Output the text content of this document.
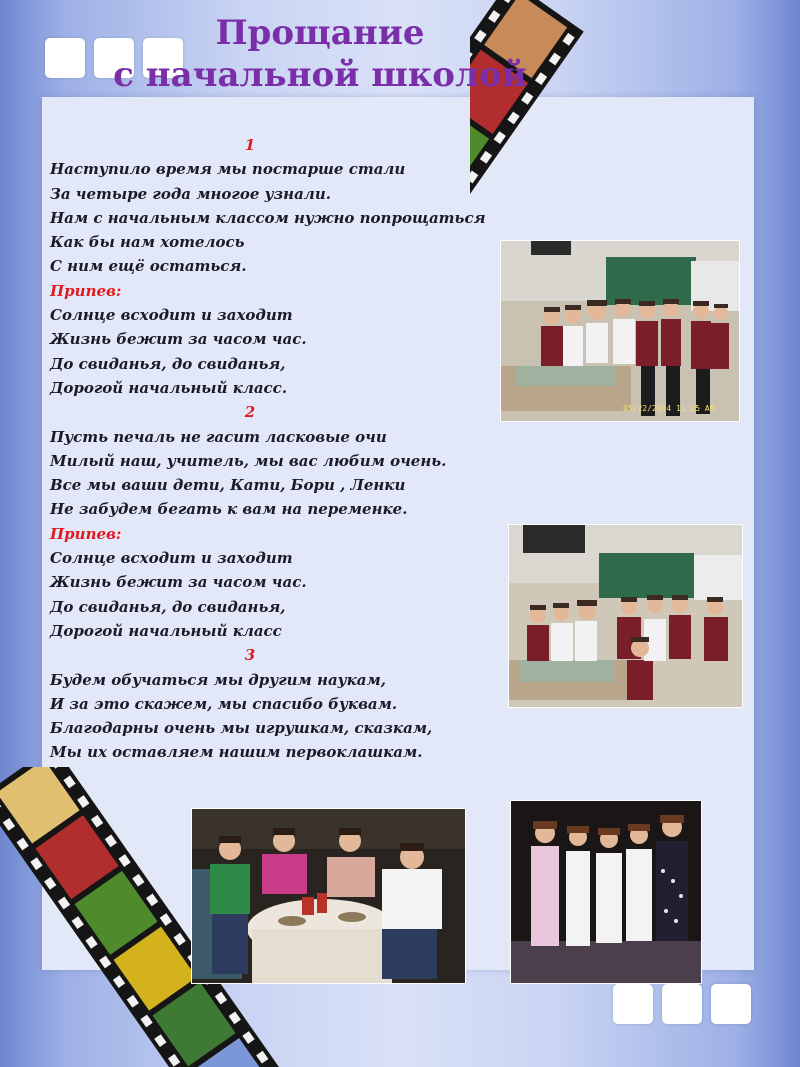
Прощание
с начальной школой
1
Наступило время мы постарше стали
За четыре года многое узнали.
Нам с начальным классом нужно попрощаться
Как бы нам хотелось
С ним ещё остаться.
Припев:
Солнце всходит и заходит
Жизнь бежит за часом час.
До свиданья, до свиданья,
Дорогой начальный класс.
2
Пусть печаль не гасит ласковые очи
Милый наш, учитель, мы вас любим очень.
Все мы ваши дети, Кати, Бори , Ленки
Не забудем бегать к вам на переменке.
Припев:
Солнце всходит и заходит
Жизнь бежит за часом час.
До свиданья, до свиданья,
Дорогой начальный класс
3
Будем обучаться мы другим наукам,
И за это скажем, мы спасибо буквам.
Благодарны очень мы игрушкам, сказкам,
Мы их оставляем нашим первоклашкам.
05/22/2014 11:25 AM
